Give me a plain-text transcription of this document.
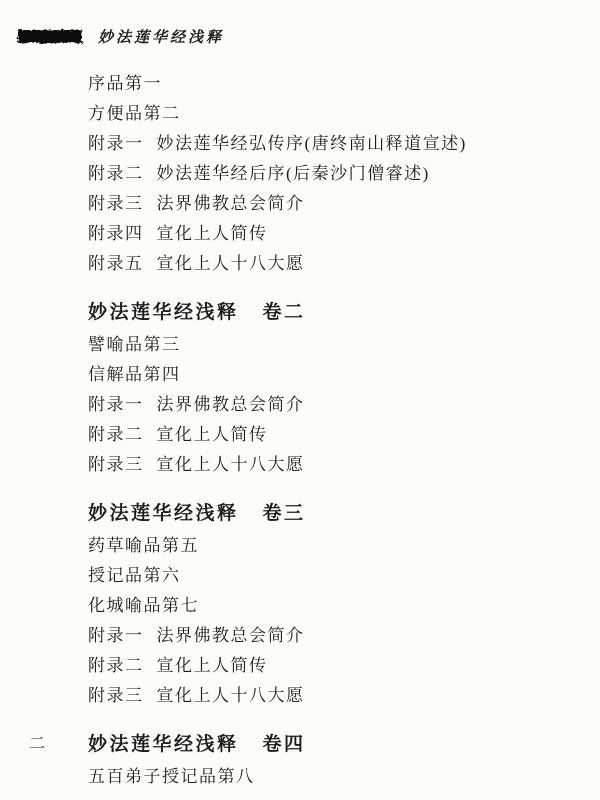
妙法莲华经浅释
序品第一
方便品第二
附录一 妙法莲华经弘传序(唐终南山释道宣述)
附录二 妙法莲华经后序(后秦沙门僧睿述)
附录三 法界佛教总会简介
附录四 宣化上人简传
附录五 宣化上人十八大愿
妙法莲华经浅释 卷二
譬喻品第三
信解品第四
附录一 法界佛教总会简介
附录二 宣化上人简传
附录三 宣化上人十八大愿
妙法莲华经浅释 卷三
药草喻品第五
授记品第六
化城喻品第七
附录一 法界佛教总会简介
附录二 宣化上人简传
附录三 宣化上人十八大愿
二 妙法莲华经浅释 卷四
五百弟子授记品第八
